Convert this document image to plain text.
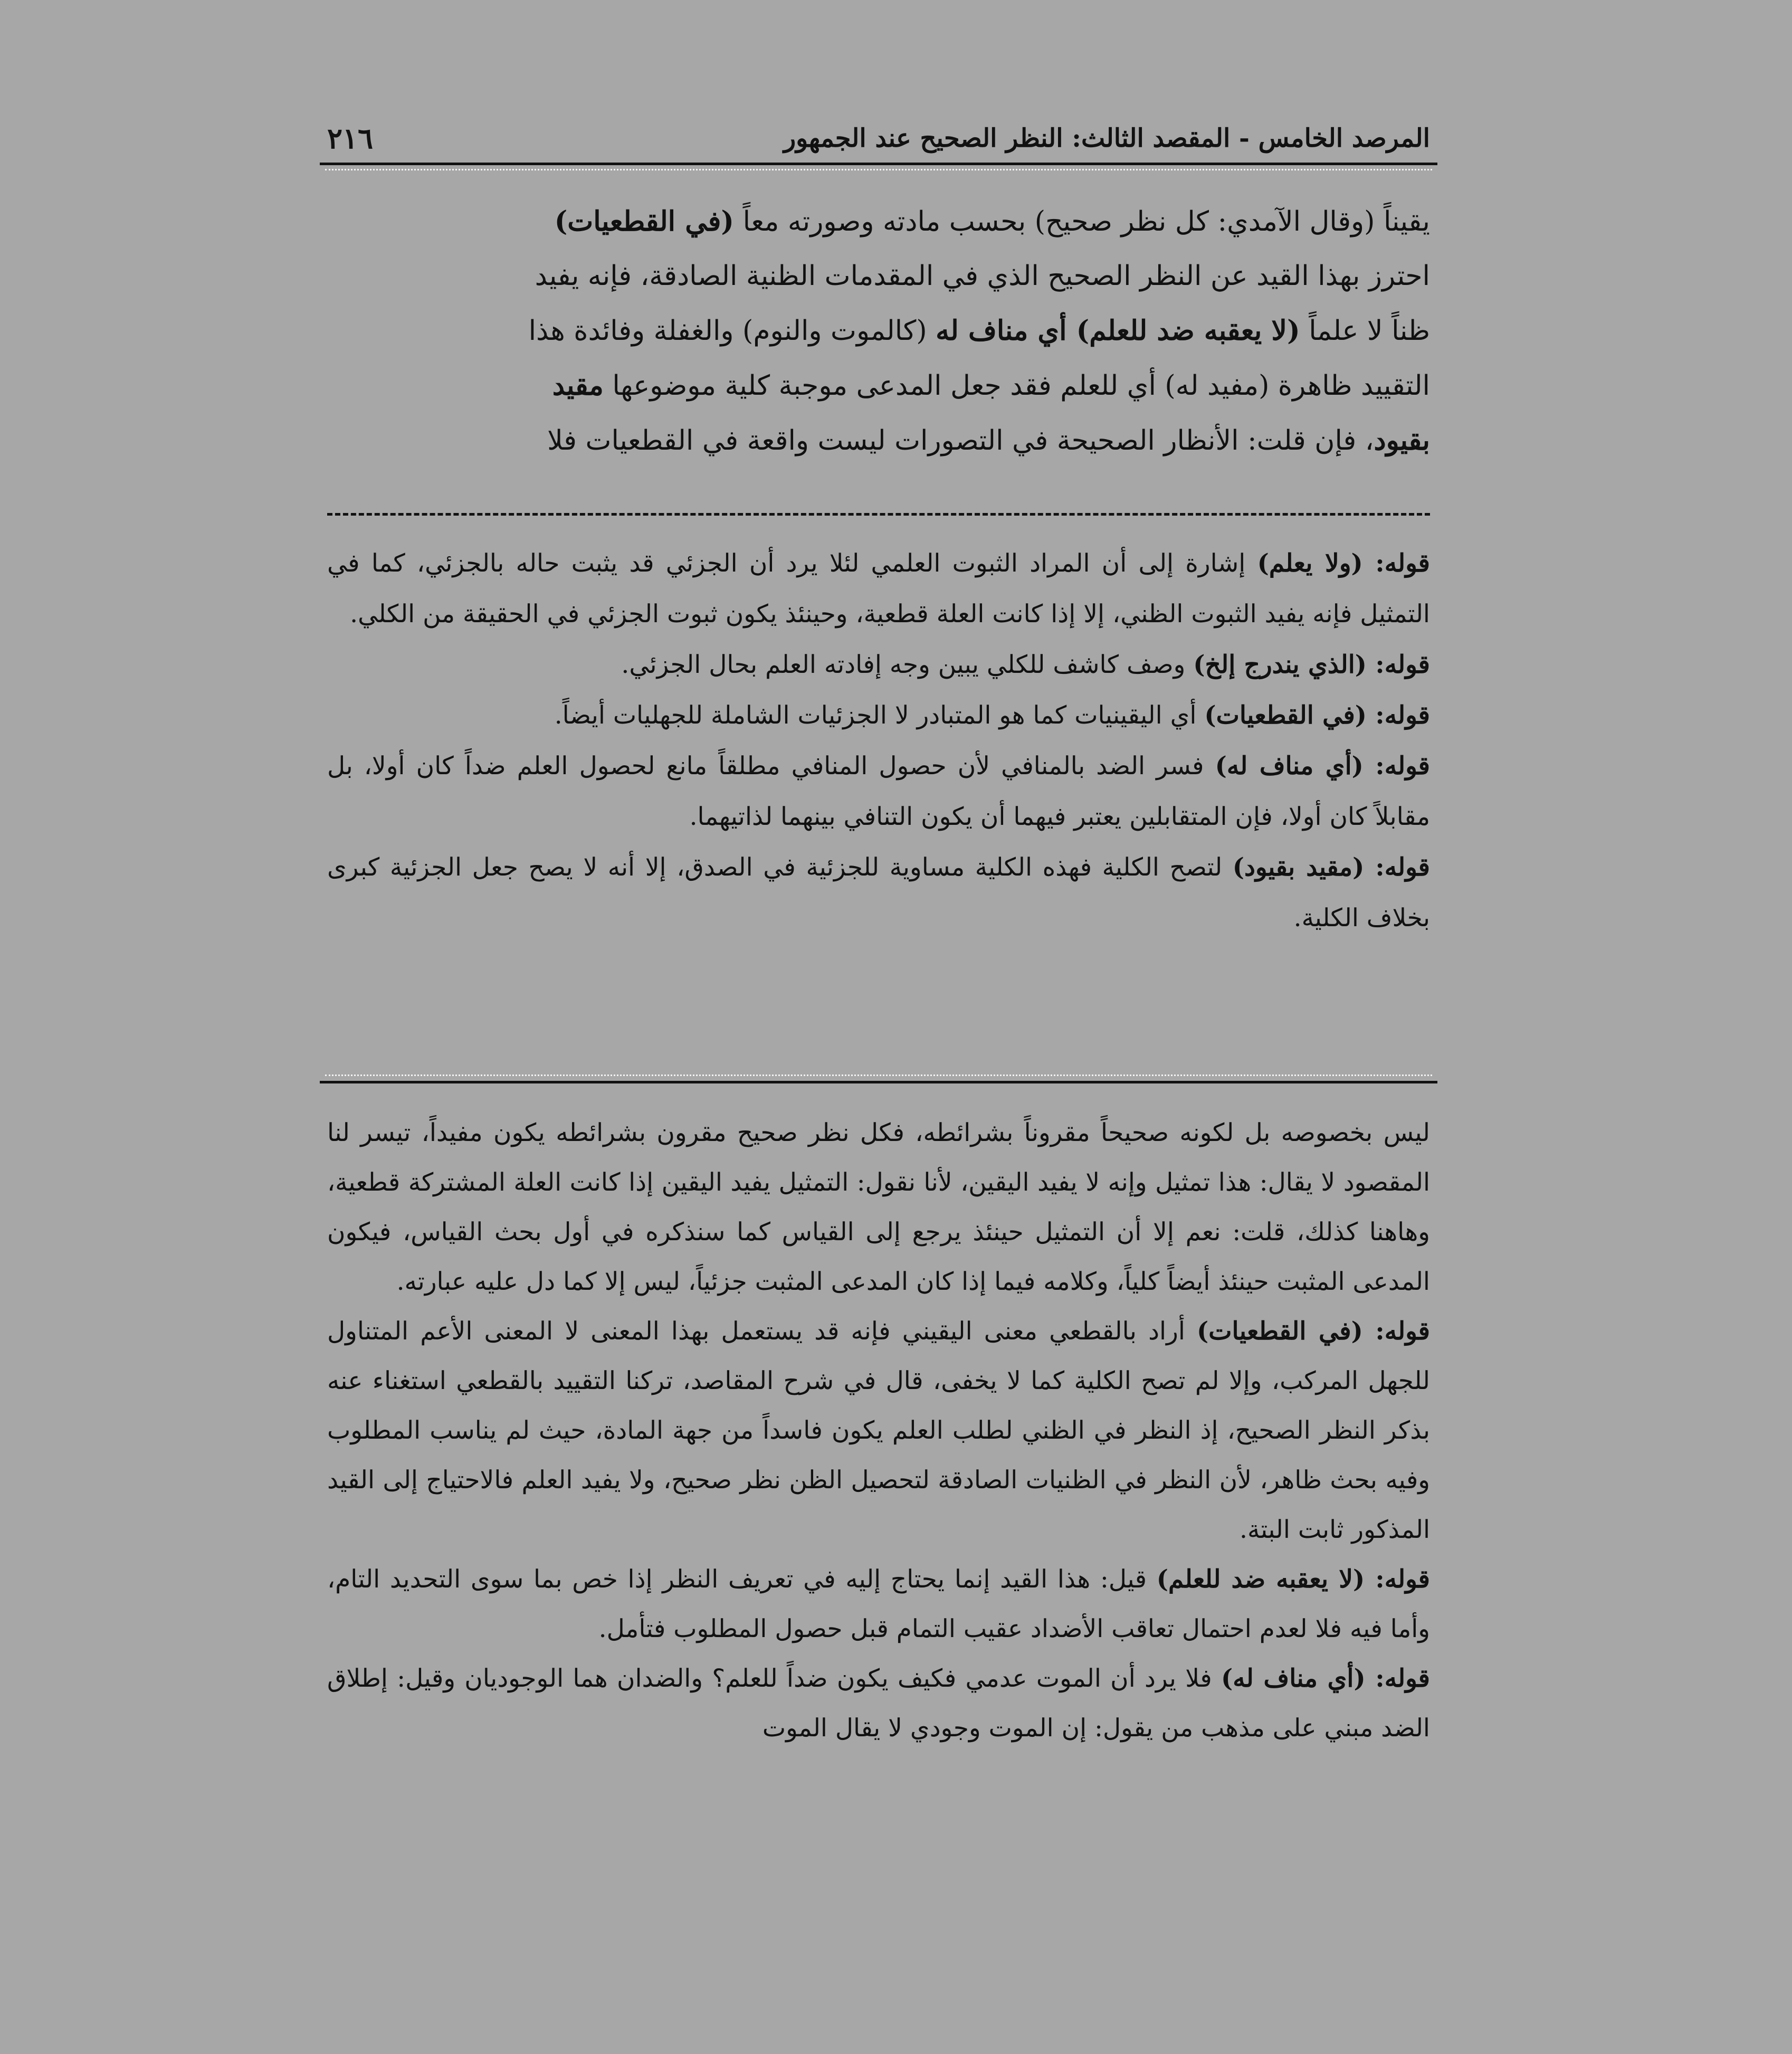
المرصد الخامس - المقصد الثالث: النظر الصحيح عند الجمهور
٢١٦

يقيناً (وقال الآمدي: كل نظر صحيح) بحسب مادته وصورته معاً (في القطعيات)

احترز بهذا القيد عن النظر الصحيح الذي في المقدمات الظنية الصادقة، فإنه يفيد

ظناً لا علماً (لا يعقبه ضد للعلم) أي مناف له (كالموت والنوم) والغفلة وفائدة هذا

التقييد ظاهرة (مفيد له) أي للعلم فقد جعل المدعى موجبة كلية موضوعها مقيد

بقيود، فإن قلت: الأنظار الصحيحة في التصورات ليست واقعة في القطعيات فلا

قوله: (ولا يعلم) إشارة إلى أن المراد الثبوت العلمي لئلا يرد أن الجزئي قد يثبت حاله بالجزئي، كما في التمثيل فإنه يفيد الثبوت الظني، إلا إذا كانت العلة قطعية، وحينئذ يكون ثبوت الجزئي في الحقيقة من الكلي.

قوله: (الذي يندرج إلخ) وصف كاشف للكلي يبين وجه إفادته العلم بحال الجزئي.

قوله: (في القطعيات) أي اليقينيات كما هو المتبادر لا الجزئيات الشاملة للجهليات أيضاً.

قوله: (أي مناف له) فسر الضد بالمنافي لأن حصول المنافي مطلقاً مانع لحصول العلم ضداً كان أولا، بل مقابلاً كان أولا، فإن المتقابلين يعتبر فيهما أن يكون التنافي بينهما لذاتيهما.

قوله: (مقيد بقيود) لتصح الكلية فهذه الكلية مساوية للجزئية في الصدق، إلا أنه لا يصح جعل الجزئية كبرى بخلاف الكلية.

ليس بخصوصه بل لكونه صحيحاً مقروناً بشرائطه، فكل نظر صحيح مقرون بشرائطه يكون مفيداً، تيسر لنا المقصود لا يقال: هذا تمثيل وإنه لا يفيد اليقين، لأنا نقول: التمثيل يفيد اليقين إذا كانت العلة المشتركة قطعية، وهاهنا كذلك، قلت: نعم إلا أن التمثيل حينئذ يرجع إلى القياس كما سنذكره في أول بحث القياس، فيكون المدعى المثبت حينئذ أيضاً كلياً، وكلامه فيما إذا كان المدعى المثبت جزئياً، ليس إلا كما دل عليه عبارته.

قوله: (في القطعيات) أراد بالقطعي معنى اليقيني فإنه قد يستعمل بهذا المعنى لا المعنى الأعم المتناول للجهل المركب، وإلا لم تصح الكلية كما لا يخفى، قال في شرح المقاصد، تركنا التقييد بالقطعي استغناء عنه بذكر النظر الصحيح، إذ النظر في الظني لطلب العلم يكون فاسداً من جهة المادة، حيث لم يناسب المطلوب وفيه بحث ظاهر، لأن النظر في الظنيات الصادقة لتحصيل الظن نظر صحيح، ولا يفيد العلم فالاحتياج إلى القيد المذكور ثابت البتة.

قوله: (لا يعقبه ضد للعلم) قيل: هذا القيد إنما يحتاج إليه في تعريف النظر إذا خص بما سوى التحديد التام، وأما فيه فلا لعدم احتمال تعاقب الأضداد عقيب التمام قبل حصول المطلوب فتأمل.

قوله: (أي مناف له) فلا يرد أن الموت عدمي فكيف يكون ضداً للعلم؟ والضدان هما الوجوديان وقيل: إطلاق الضد مبني على مذهب من يقول: إن الموت وجودي لا يقال الموت
